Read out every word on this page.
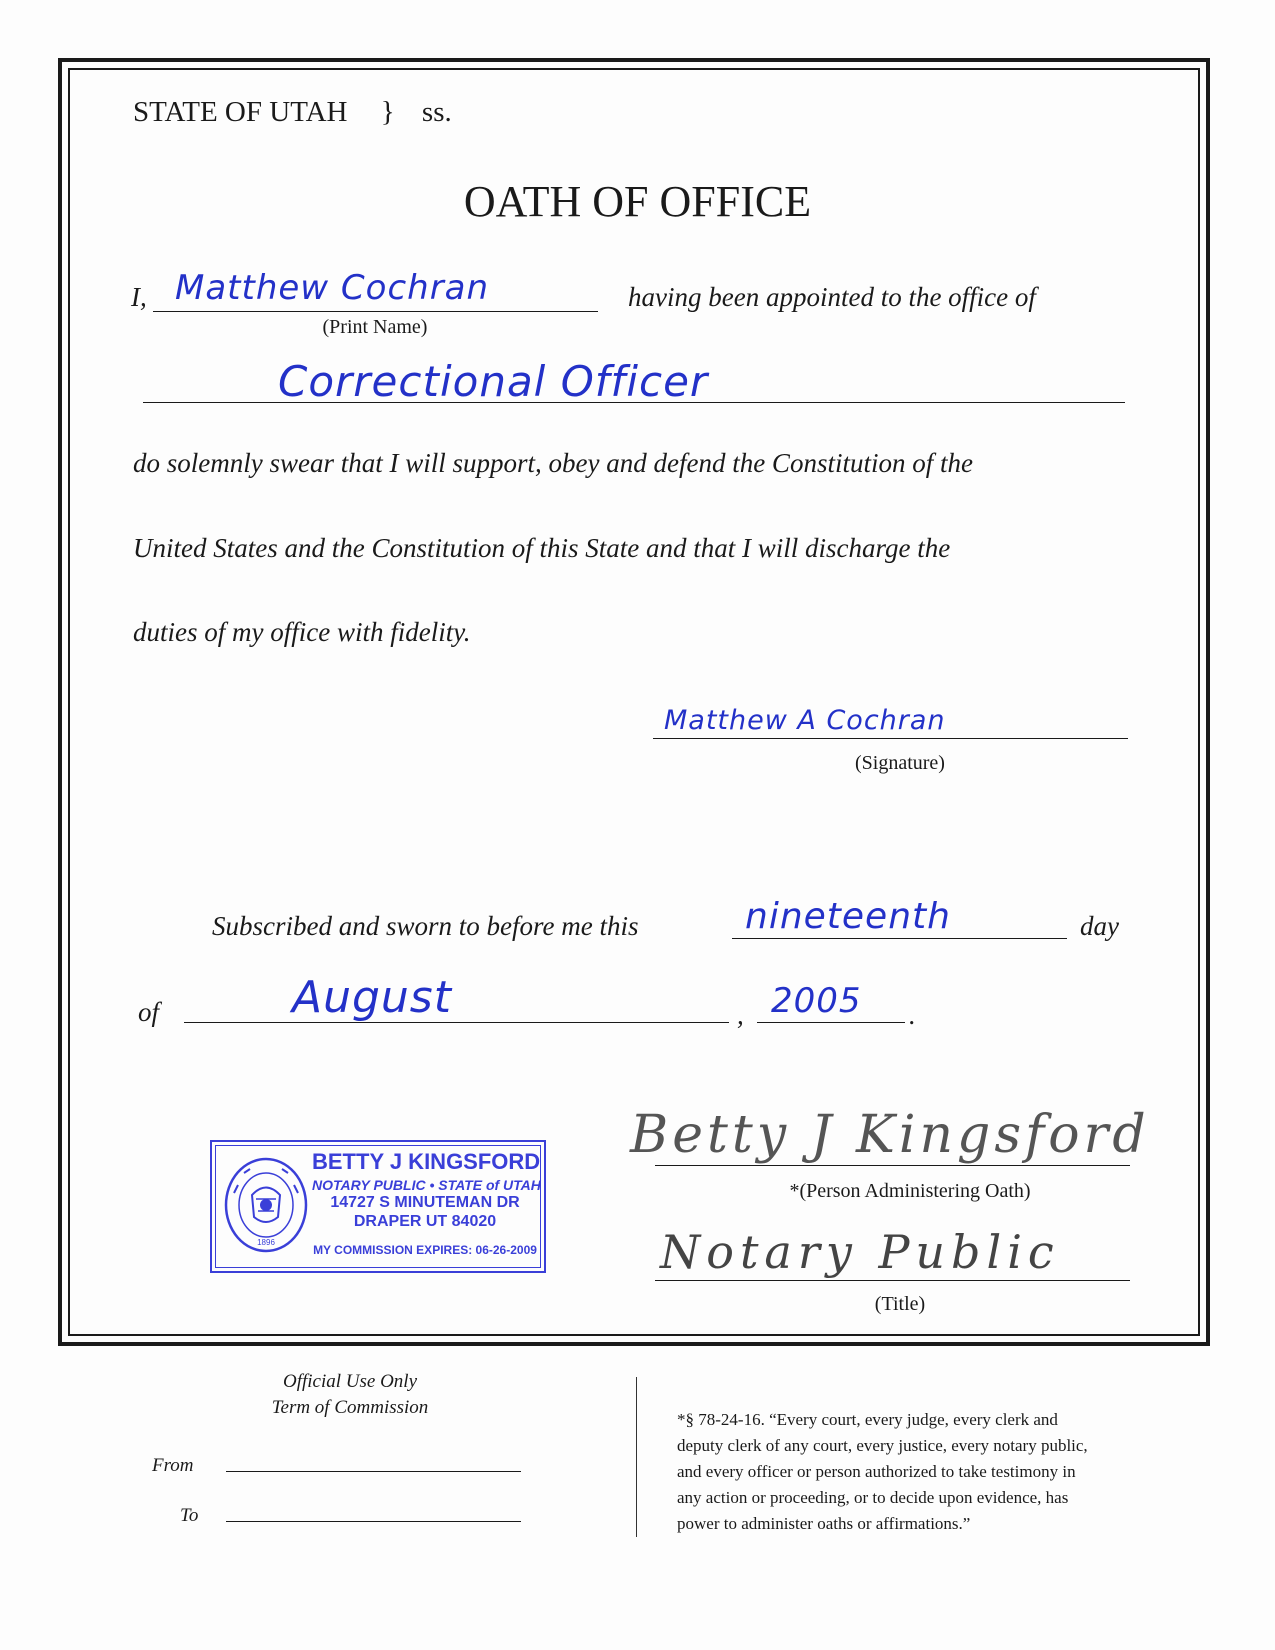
STATE OF UTAH } ss.
OATH OF OFFICE
I, Matthew Cochran
(Print Name)
having been appointed to the office of
Correctional Officer
do solemnly swear that I will support, obey and defend the Constitution of the
United States and the Constitution of this State and that I will discharge the
duties of my office with fidelity.
Matthew A Cochran
(Signature)
Subscribed and sworn to before me this	nineteenth	day
of	August	, 2005 .
Betty J Kingsford
*(Person Administering Oath)
Notary Public
(Title)
1896
BETTY J KINGSFORD
NOTARY PUBLIC • STATE of UTAH
14727 S MINUTEMAN DR
DRAPER UT 84020
MY COMMISSION EXPIRES: 06-26-2009
Official Use Only
Term of Commission
From
To
*§ 78-24-16. “Every court, every judge, every clerk and
deputy clerk of any court, every justice, every notary public,
and every officer or person authorized to take testimony in
any action or proceeding, or to decide upon evidence, has
power to administer oaths or affirmations.”
